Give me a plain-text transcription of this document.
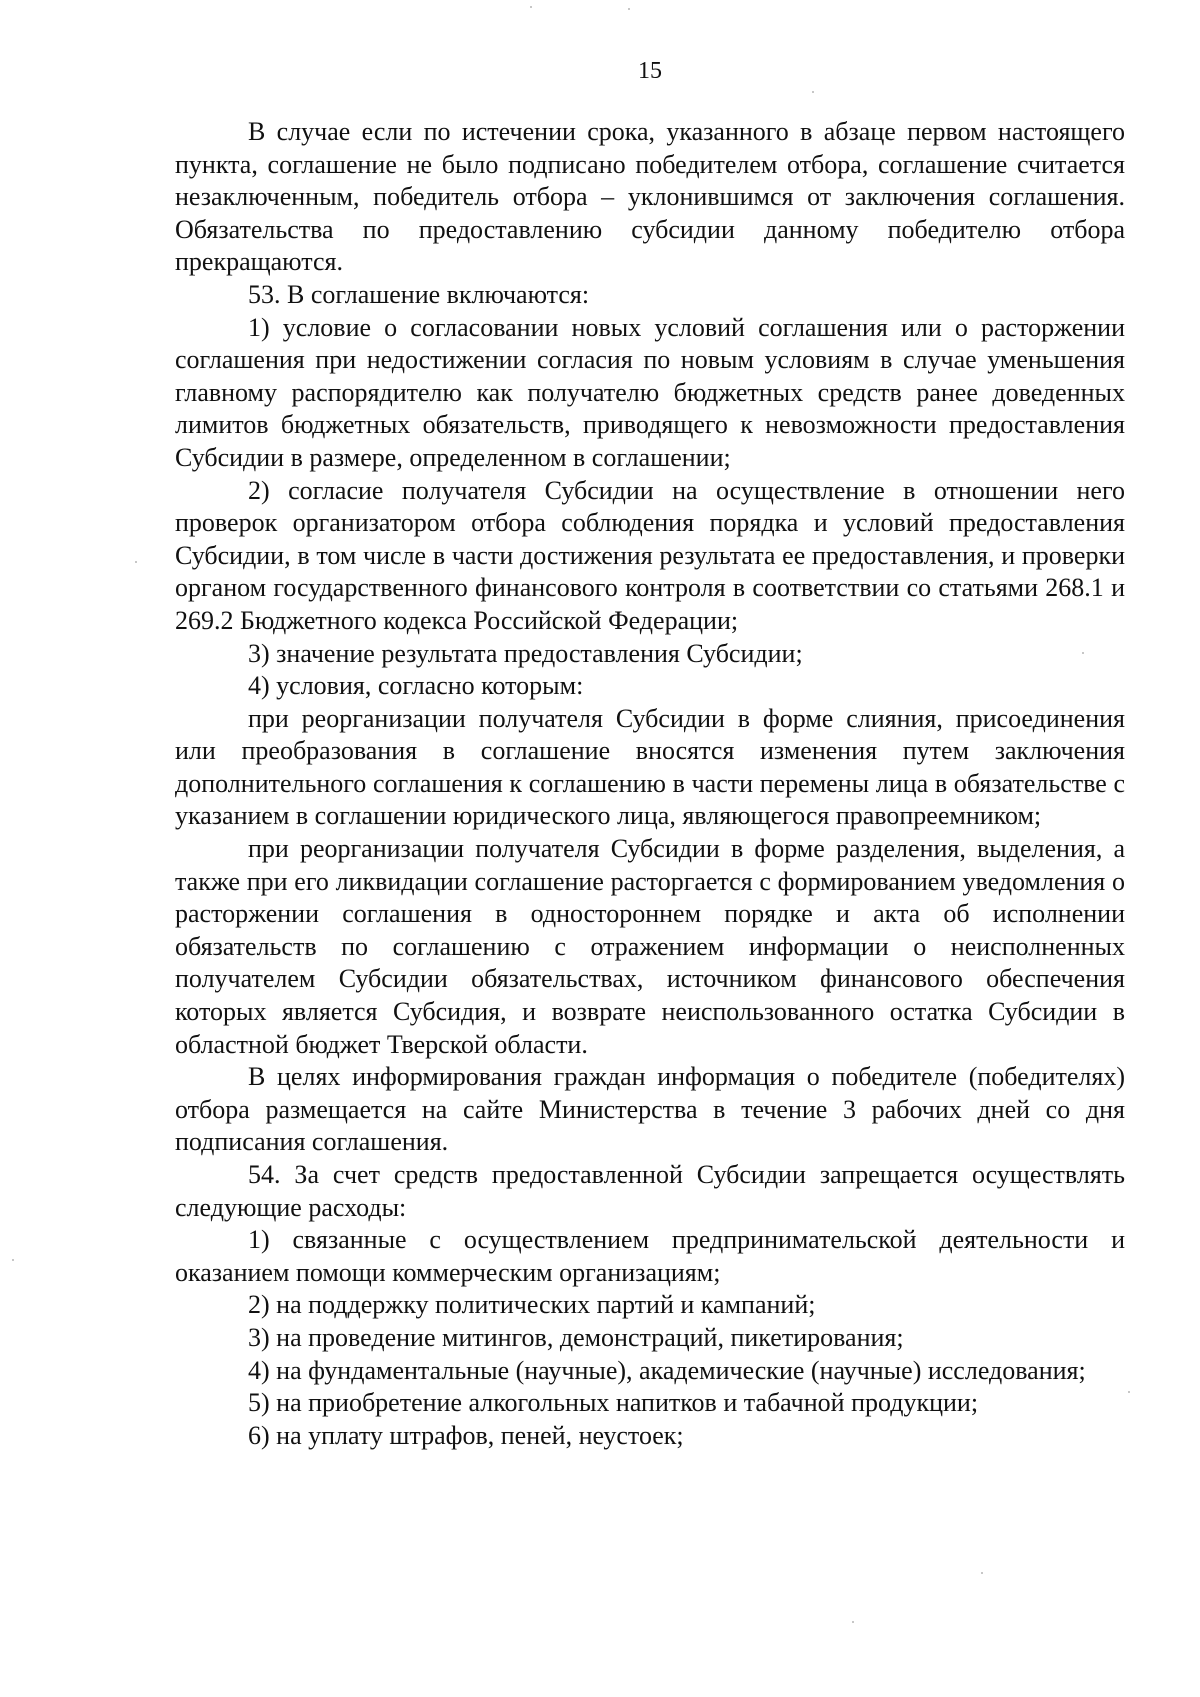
15

В случае если по истечении срока, указанного в абзаце первом настоящего пункта, соглашение не было подписано победителем отбора, соглашение считается незаключенным, победитель отбора – уклонившимся от заключения соглашения. Обязательства по предоставлению субсидии данному победителю отбора прекращаются.

53. В соглашение включаются:

1) условие о согласовании новых условий соглашения или о расторжении соглашения при недостижении согласия по новым условиям в случае уменьшения главному распорядителю как получателю бюджетных средств ранее доведенных лимитов бюджетных обязательств, приводящего к невозможности предоставления Субсидии в размере, определенном в соглашении;

2) согласие получателя Субсидии на осуществление в отношении него проверок организатором отбора соблюдения порядка и условий предоставления Субсидии, в том числе в части достижения результата ее предоставления, и проверки органом государственного финансового контроля в соответствии со статьями 268.1 и 269.2 Бюджетного кодекса Российской Федерации;

3) значение результата предоставления Субсидии;

4) условия, согласно которым:

при реорганизации получателя Субсидии в форме слияния, присоединения или преобразования в соглашение вносятся изменения путем заключения дополнительного соглашения к соглашению в части перемены лица в обязательстве с указанием в соглашении юридического лица, являющегося правопреемником;

при реорганизации получателя Субсидии в форме разделения, выделения, а также при его ликвидации соглашение расторгается с формированием уведомления о расторжении соглашения в одностороннем порядке и акта об исполнении обязательств по соглашению с отражением информации о неисполненных получателем Субсидии обязательствах, источником финансового обеспечения которых является Субсидия, и возврате неиспользованного остатка Субсидии в областной бюджет Тверской области.

В целях информирования граждан информация о победителе (победителях) отбора размещается на сайте Министерства в течение 3 рабочих дней со дня подписания соглашения.

54. За счет средств предоставленной Субсидии запрещается осуществлять следующие расходы:

1) связанные с осуществлением предпринимательской деятельности и оказанием помощи коммерческим организациям;

2) на поддержку политических партий и кампаний;

3) на проведение митингов, демонстраций, пикетирования;

4) на фундаментальные (научные), академические (научные) исследования;

5) на приобретение алкогольных напитков и табачной продукции;

6) на уплату штрафов, пеней, неустоек;
